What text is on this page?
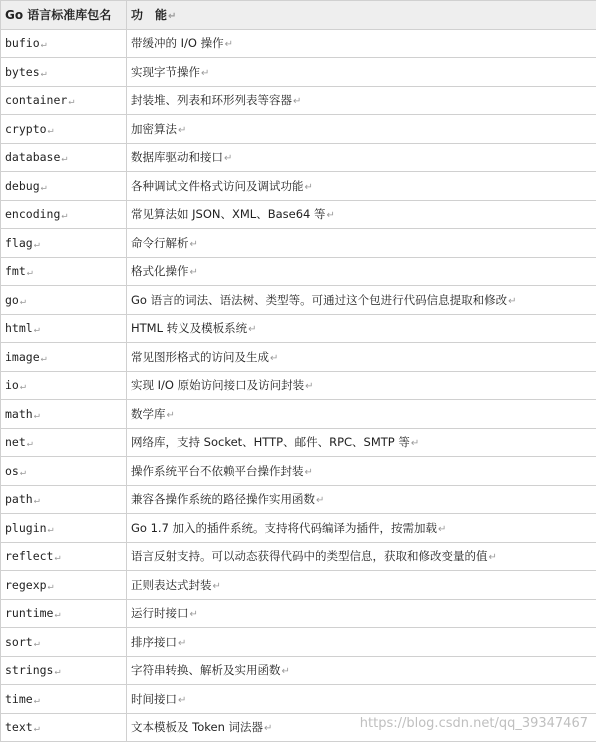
Go 语言标准库包名	功　能↵
bufio↵	带缓冲的 I/O 操作↵
bytes↵	实现字节操作↵
container↵	封装堆、列表和环形列表等容器↵
crypto↵	加密算法↵
database↵	数据库驱动和接口↵
debug↵	各种调试文件格式访问及调试功能↵
encoding↵	常见算法如 JSON、XML、Base64 等↵
flag↵	命令行解析↵
fmt↵	格式化操作↵
go↵	Go 语言的词法、语法树、类型等。可通过这个包进行代码信息提取和修改↵
html↵	HTML 转义及模板系统↵
image↵	常见图形格式的访问及生成↵
io↵	实现 I/O 原始访问接口及访问封装↵
math↵	数学库↵
net↵	网络库，支持 Socket、HTTP、邮件、RPC、SMTP 等↵
os↵	操作系统平台不依赖平台操作封装↵
path↵	兼容各操作系统的路径操作实用函数↵
plugin↵	Go 1.7 加入的插件系统。支持将代码编译为插件，按需加载↵
reflect↵	语言反射支持。可以动态获得代码中的类型信息，获取和修改变量的值↵
regexp↵	正则表达式封装↵
runtime↵	运行时接口↵
sort↵	排序接口↵
strings↵	字符串转换、解析及实用函数↵
time↵	时间接口↵
text↵	文本模板及 Token 词法器↵	https://blog.csdn.net/qq_39347467
